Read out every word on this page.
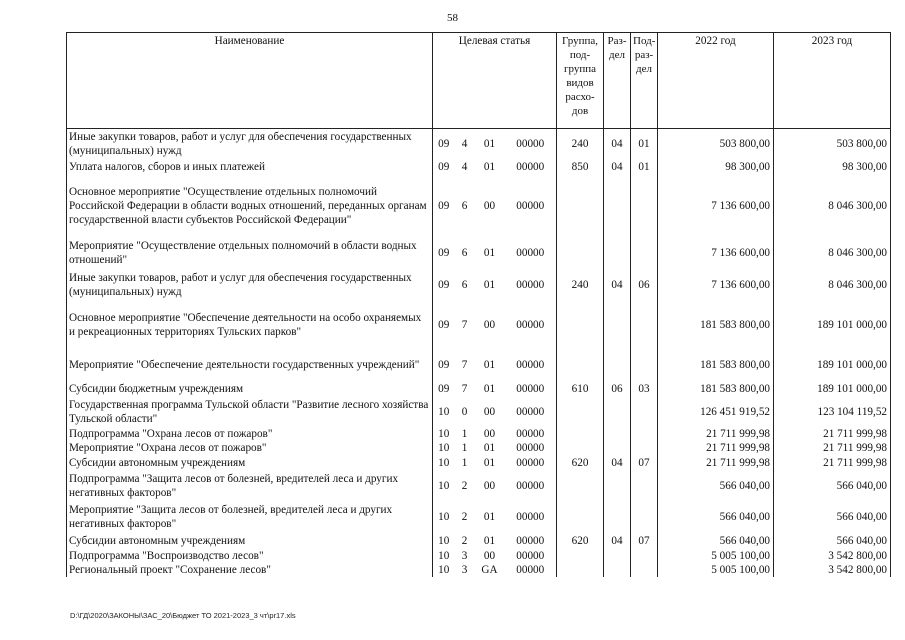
58
Наименование	Целевая статья				Группа, под-группа видов расхо-дов	Раз-дел	Под-раз-дел	2022 год	2023 год
Иные закупки товаров, работ и услуг для обеспечения государственных (муниципальных) нужд	09	4	01	00000	240	04	01	503 800,00	503 800,00
Уплата налогов, сборов и иных платежей	09	4	01	00000	850	04	01	98 300,00	98 300,00
Основное мероприятие "Осуществление отдельных полномочий Российской Федерации в области водных отношений, переданных органам государственной власти субъектов Российской Федерации"	09	6	00	00000				7 136 600,00	8 046 300,00
Мероприятие "Осуществление отдельных полномочий в области водных отношений"	09	6	01	00000				7 136 600,00	8 046 300,00
Иные закупки товаров, работ и услуг для обеспечения государственных (муниципальных) нужд	09	6	01	00000	240	04	06	7 136 600,00	8 046 300,00
Основное мероприятие "Обеспечение деятельности на особо охраняемых и рекреационных территориях Тульских парков"	09	7	00	00000				181 583 800,00	189 101 000,00
Мероприятие "Обеспечение деятельности государственных учреждений"	09	7	01	00000				181 583 800,00	189 101 000,00
Субсидии бюджетным учреждениям	09	7	01	00000	610	06	03	181 583 800,00	189 101 000,00
Государственная программа Тульской области "Развитие лесного хозяйства Тульской области"	10	0	00	00000				126 451 919,52	123 104 119,52
Подпрограмма "Охрана лесов от пожаров"	10	1	00	00000				21 711 999,98	21 711 999,98
Мероприятие "Охрана лесов от пожаров"	10	1	01	00000				21 711 999,98	21 711 999,98
Субсидии автономным учреждениям	10	1	01	00000	620	04	07	21 711 999,98	21 711 999,98
Подпрограмма "Защита лесов от болезней, вредителей леса и других негативных факторов"	10	2	00	00000				566 040,00	566 040,00
Мероприятие "Защита лесов от болезней, вредителей леса и других негативных факторов"	10	2	01	00000				566 040,00	566 040,00
Субсидии автономным учреждениям	10	2	01	00000	620	04	07	566 040,00	566 040,00
Подпрограмма "Воспроизводство лесов"	10	3	00	00000				5 005 100,00	3 542 800,00
Региональный проект "Сохранение лесов"	10	3	GA	00000				5 005 100,00	3 542 800,00
D:\ГД\2020\ЗАКОНЫ\ЗАС_20\Бюджет ТО 2021-2023_3 чт\pr17.xls
